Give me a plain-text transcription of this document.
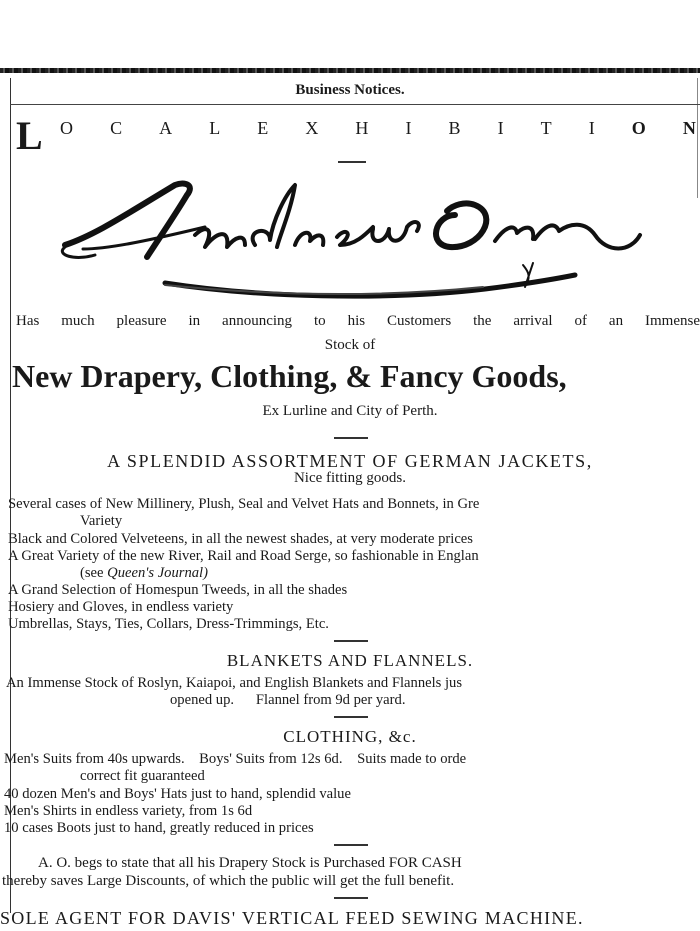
Business Notices.
L O C A L E X H I B I T I O N
Has much pleasure in announcing to his Customers the arrival of an Immense
Stock of
New Drapery, Clothing, & Fancy Goods,
Ex Lurline and City of Perth.
A SPLENDID ASSORTMENT OF GERMAN JACKETS,
Nice fitting goods.
Several cases of New Millinery, Plush, Seal and Velvet Hats and Bonnets, in Gre
Variety
Black and Colored Velveteens, in all the newest shades, at very moderate prices
A Great Variety of the new River, Rail and Road Serge, so fashionable in Englan
(see Queen's Journal)
A Grand Selection of Homespun Tweeds, in all the shades
Hosiery and Gloves, in endless variety
Umbrellas, Stays, Ties, Collars, Dress-Trimmings, Etc.
BLANKETS AND FLANNELS.
An Immense Stock of Roslyn, Kaiapoi, and English Blankets and Flannels jus
opened up.      Flannel from 9d per yard.
CLOTHING, &c.
Men's Suits from 40s upwards.    Boys' Suits from 12s 6d.    Suits made to orde
correct fit guaranteed
40 dozen Men's and Boys' Hats just to hand, splendid value
Men's Shirts in endless variety, from 1s 6d
10 cases Boots just to hand, greatly reduced in prices
A. O. begs to state that all his Drapery Stock is Purchased FOR CASH
thereby saves Large Discounts, of which the public will get the full benefit.
SOLE AGENT FOR DAVIS' VERTICAL FEED SEWING MACHINE.
